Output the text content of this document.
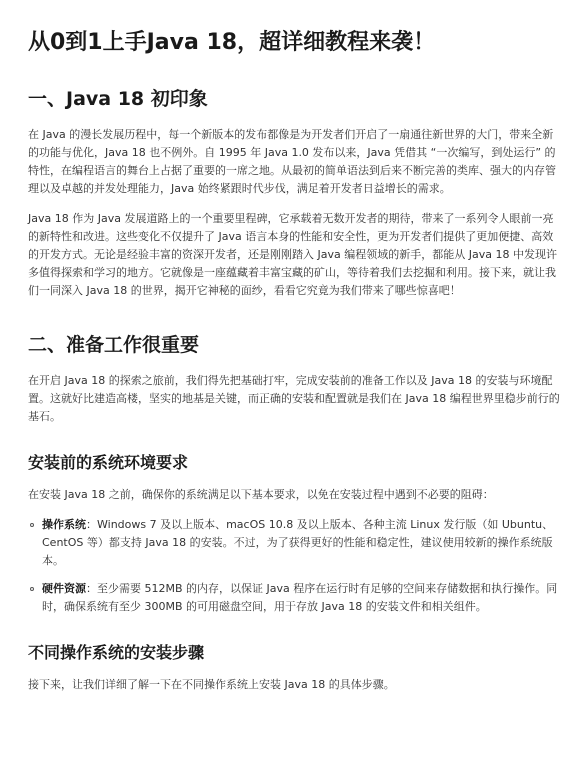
从0到1上手Java 18，超详细教程来袭！
一、Java 18 初印象

在 Java 的漫长发展历程中，每一个新版本的发布都像是为开发者们开启了一扇通往新世界的大门，带来全新的功能与优化，Java 18 也不例外。自 1995 年 Java 1.0 发布以来，Java 凭借其 “一次编写，到处运行” 的特性，在编程语言的舞台上占据了重要的一席之地。从最初的简单语法到后来不断完善的类库、强大的内存管理以及卓越的并发处理能力，Java 始终紧跟时代步伐，满足着开发者日益增长的需求。

Java 18 作为 Java 发展道路上的一个重要里程碑，它承载着无数开发者的期待，带来了一系列令人眼前一亮的新特性和改进。这些变化不仅提升了 Java 语言本身的性能和安全性，更为开发者们提供了更加便捷、高效的开发方式。无论是经验丰富的资深开发者，还是刚刚踏入 Java 编程领域的新手，都能从 Java 18 中发现许多值得探索和学习的地方。它就像是一座蕴藏着丰富宝藏的矿山，等待着我们去挖掘和利用。接下来，就让我们一同深入 Java 18 的世界，揭开它神秘的面纱，看看它究竟为我们带来了哪些惊喜吧！

二、准备工作很重要

在开启 Java 18 的探索之旅前，我们得先把基础打牢，完成安装前的准备工作以及 Java 18 的安装与环境配置。这就好比建造高楼，坚实的地基是关键，而正确的安装和配置就是我们在 Java 18 编程世界里稳步前行的基石。

安装前的系统环境要求

在安装 Java 18 之前，确保你的系统满足以下基本要求，以免在安装过程中遇到不必要的阻碍：

操作系统：Windows 7 及以上版本、macOS 10.8 及以上版本、各种主流 Linux 发行版（如 Ubuntu、CentOS 等）都支持 Java 18 的安装。不过，为了获得更好的性能和稳定性，建议使用较新的操作系统版本。
硬件资源：至少需要 512MB 的内存，以保证 Java 程序在运行时有足够的空间来存储数据和执行操作。同时，确保系统有至少 300MB 的可用磁盘空间，用于存放 Java 18 的安装文件和相关组件。
不同操作系统的安装步骤

接下来，让我们详细了解一下在不同操作系统上安装 Java 18 的具体步骤。
